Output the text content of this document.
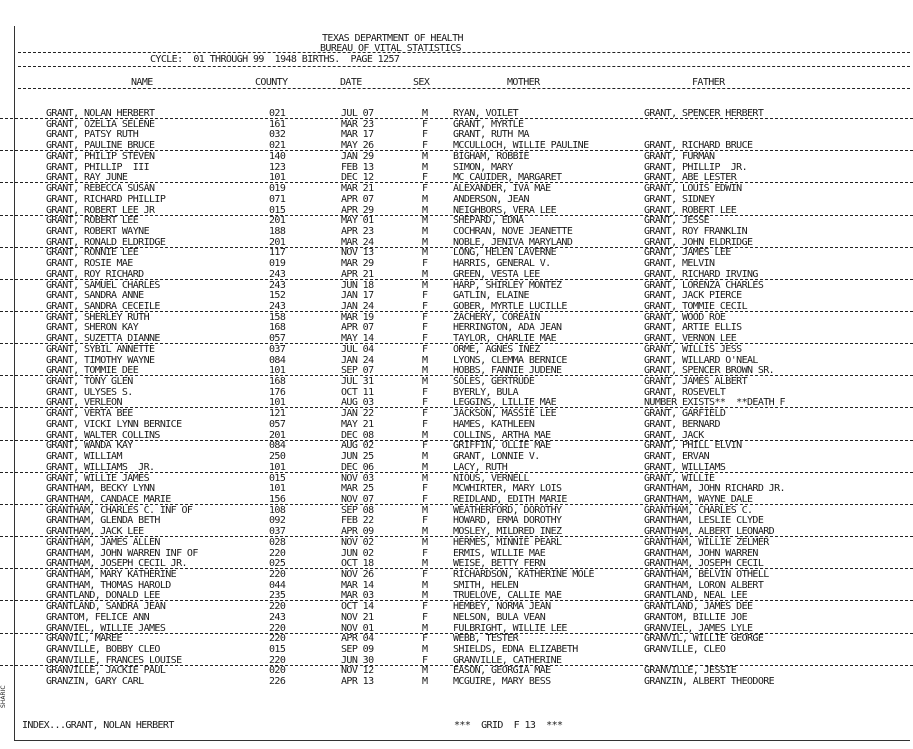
TEXAS DEPARTMENT OF HEALTH
BUREAU OF VITAL STATISTICS
CYCLE:  01 THROUGH 99  1948 BIRTHS.  PAGE 1257
NAME	COUNTY	DATE	SEX	MOTHER	FATHER
GRANT, NOLAN HERBERT	021	JUL 07	M	RYAN, VOILET	GRANT, SPENCER HERBERT
GRANT, OZELIA SELENE	161	MAR 23	F	GRANT, MYRTLE
GRANT, PATSY RUTH	032	MAR 17	F	GRANT, RUTH MA
GRANT, PAULINE BRUCE	021	MAY 26	F	MCCULLOCH, WILLIE PAULINE	GRANT, RICHARD BRUCE
GRANT, PHILIP STEVEN	140	JAN 29	M	BIGHAM, ROBBIE	GRANT, FURMAN
GRANT, PHILLIP  III	123	FEB 13	M	SIMON, MARY	GRANT, PHILLIP  JR.
GRANT, RAY JUNE	101	DEC 12	F	MC CAUIDER, MARGARET	GRANT, ABE LESTER
GRANT, REBECCA SUSAN	019	MAR 21	F	ALEXANDER, IVA MAE	GRANT, LOUIS EDWIN
GRANT, RICHARD PHILLIP	071	APR 07	M	ANDERSON, JEAN	GRANT, SIDNEY
GRANT, ROBERT LEE JR	015	APR 29	M	NEIGHBORS, VERA LEE	GRANT, ROBERT LEE
GRANT, ROBERT LEE	201	MAY 01	M	SHEPARD, EDNA	GRANT, JESSE
GRANT, ROBERT WAYNE	188	APR 23	M	COCHRAN, NOVE JEANETTE	GRANT, ROY FRANKLIN
GRANT, RONALD ELDRIDGE	201	MAR 24	M	NOBLE, JENIVA MARYLAND	GRANT, JOHN ELDRIDGE
GRANT, RONNIE LEE	117	NOV 13	M	LONG, HELEN LAVERNE	GRANT, JAMES LEE
GRANT, ROSIE MAE	019	MAR 29	F	HARRIS, GENERAL V.	GRANT, MELVIN
GRANT, ROY RICHARD	243	APR 21	M	GREEN, VESTA LEE	GRANT, RICHARD IRVING
GRANT, SAMUEL CHARLES	243	JUN 18	M	HARP, SHIRLEY MONTEZ	GRANT, LORENZA CHARLES
GRANT, SANDRA ANNE	152	JAN 17	F	GATLIN, ELAINE	GRANT, JACK PIERCE
GRANT, SANDRA CECEILE	243	JAN 24	F	GOBER, MYRTLE LUCILLE	GRANT, TOMMIE CECIL
GRANT, SHERLEY RUTH	158	MAR 19	F	ZACHERY, COREAIN	GRANT, WOOD ROE
GRANT, SHERON KAY	168	APR 07	F	HERRINGTON, ADA JEAN	GRANT, ARTIE ELLIS
GRANT, SUZETTA DIANNE	057	MAY 14	F	TAYLOR, CHARLIE MAE	GRANT, VERNON LEE
GRANT, SYBIL ANNETTE	037	JUL 04	F	ORME, AGNES INEZ	GRANT, WILLIS JESS
GRANT, TIMOTHY WAYNE	084	JAN 24	M	LYONS, CLEMMA BERNICE	GRANT, WILLARD O'NEAL
GRANT, TOMMIE DEE	101	SEP 07	M	HOBBS, FANNIE JUDENE	GRANT, SPENCER BROWN SR.
GRANT, TONY GLEN	168	JUL 31	M	SOLES, GERTRUDE	GRANT, JAMES ALBERT
GRANT, ULYSES S.	176	OCT 11	F	BYERLY, BULA	GRANT, ROSEVELT
GRANT, VERLEON	101	AUG 03	F	LEGGINS, LILLIE MAE	NUMBER EXISTS**  **DEATH F
GRANT, VERTA BEE	121	JAN 22	F	JACKSON, MASSIE LEE	GRANT, GARFIELD
GRANT, VICKI LYNN BERNICE	057	MAY 21	F	HAMES, KATHLEEN	GRANT, BERNARD
GRANT, WALTER COLLINS	201	DEC 08	M	COLLINS, ARTHA MAE	GRANT, JACK
GRANT, WANDA KAY	084	AUG 02	F	GRIFFIN, OLLIE MAE	GRANT, PHILL ELVIN
GRANT, WILLIAM	250	JUN 25	M	GRANT, LONNIE V.	GRANT, ERVAN
GRANT, WILLIAMS  JR.	101	DEC 06	M	LACY, RUTH	GRANT, WILLIAMS
GRANT, WILLIE JAMES	015	NOV 03	M	NIOUS, VERNELL	GRANT, WILLIE
GRANTHAM, BECKY LYNN	101	MAR 25	F	MCWHIRTER, MARY LOIS	GRANTHAM, JOHN RICHARD JR.
GRANTHAM, CANDACE MARIE	156	NOV 07	F	REIDLAND, EDITH MARIE	GRANTHAM, WAYNE DALE
GRANTHAM, CHARLES C. INF OF	108	SEP 08	M	WEATHERFORD, DOROTHY	GRANTHAM, CHARLES C.
GRANTHAM, GLENDA BETH	092	FEB 22	F	HOWARD, ERMA DOROTHY	GRANTHAM, LESLIE CLYDE
GRANTHAM, JACK LEE	037	APR 09	M	MOSLEY, MILDRED INEZ	GRANTHAM, ALBERT LEONARD
GRANTHAM, JAMES ALLEN	028	NOV 02	M	HERMES, MINNIE PEARL	GRANTHAM, WILLIE ZELMER
GRANTHAM, JOHN WARREN INF OF	220	JUN 02	F	ERMIS, WILLIE MAE	GRANTHAM, JOHN WARREN
GRANTHAM, JOSEPH CECIL JR.	025	OCT 18	M	WEISE, BETTY FERN	GRANTHAM, JOSEPH CECIL
GRANTHAM, MARY KATHERINE	220	NOV 26	F	RICHARDSON, KATHERINE MOLE	GRANTHAM, BELVIN OTHELL
GRANTHAM, THOMAS HAROLD	044	MAR 14	M	SMITH, HELEN	GRANTHAM, LORON ALBERT
GRANTLAND, DONALD LEE	235	MAR 03	M	TRUELOVE, CALLIE MAE	GRANTLAND, NEAL LEE
GRANTLAND, SANDRA JEAN	220	OCT 14	F	HEMBEY, NORMA JEAN	GRANTLAND, JAMES DEE
GRANTOM, FELICE ANN	243	NOV 21	F	NELSON, BULA VEAN	GRANTOM, BILLIE JOE
GRANVIEL, WILLIE JAMES	220	NOV 01	M	FULBRIGHT, WILLIE LEE	GRANVIEL, JAMES LYLE
GRANVIL, MAREE	220	APR 04	F	WEBB, TESTER	GRANVIL, WILLIE GEORGE
GRANVILLE, BOBBY CLEO	015	SEP 09	M	SHIELDS, EDNA ELIZABETH	GRANVILLE, CLEO
GRANVILLE, FRANCES LOUISE	220	JUN 30	F	GRANVILLE, CATHERINE
GRANVILLE, JACKIE PAUL	020	NOV 12	M	EASON, GEORGIA MAE	GRANVILLE, JESSIE
GRANZIN, GARY CARL	226	APR 13	M	MCGUIRE, MARY BESS	GRANZIN, ALBERT THEODORE
INDEX...GRANT, NOLAN HERBERT	***  GRID  F 13  ***
SHARIC
